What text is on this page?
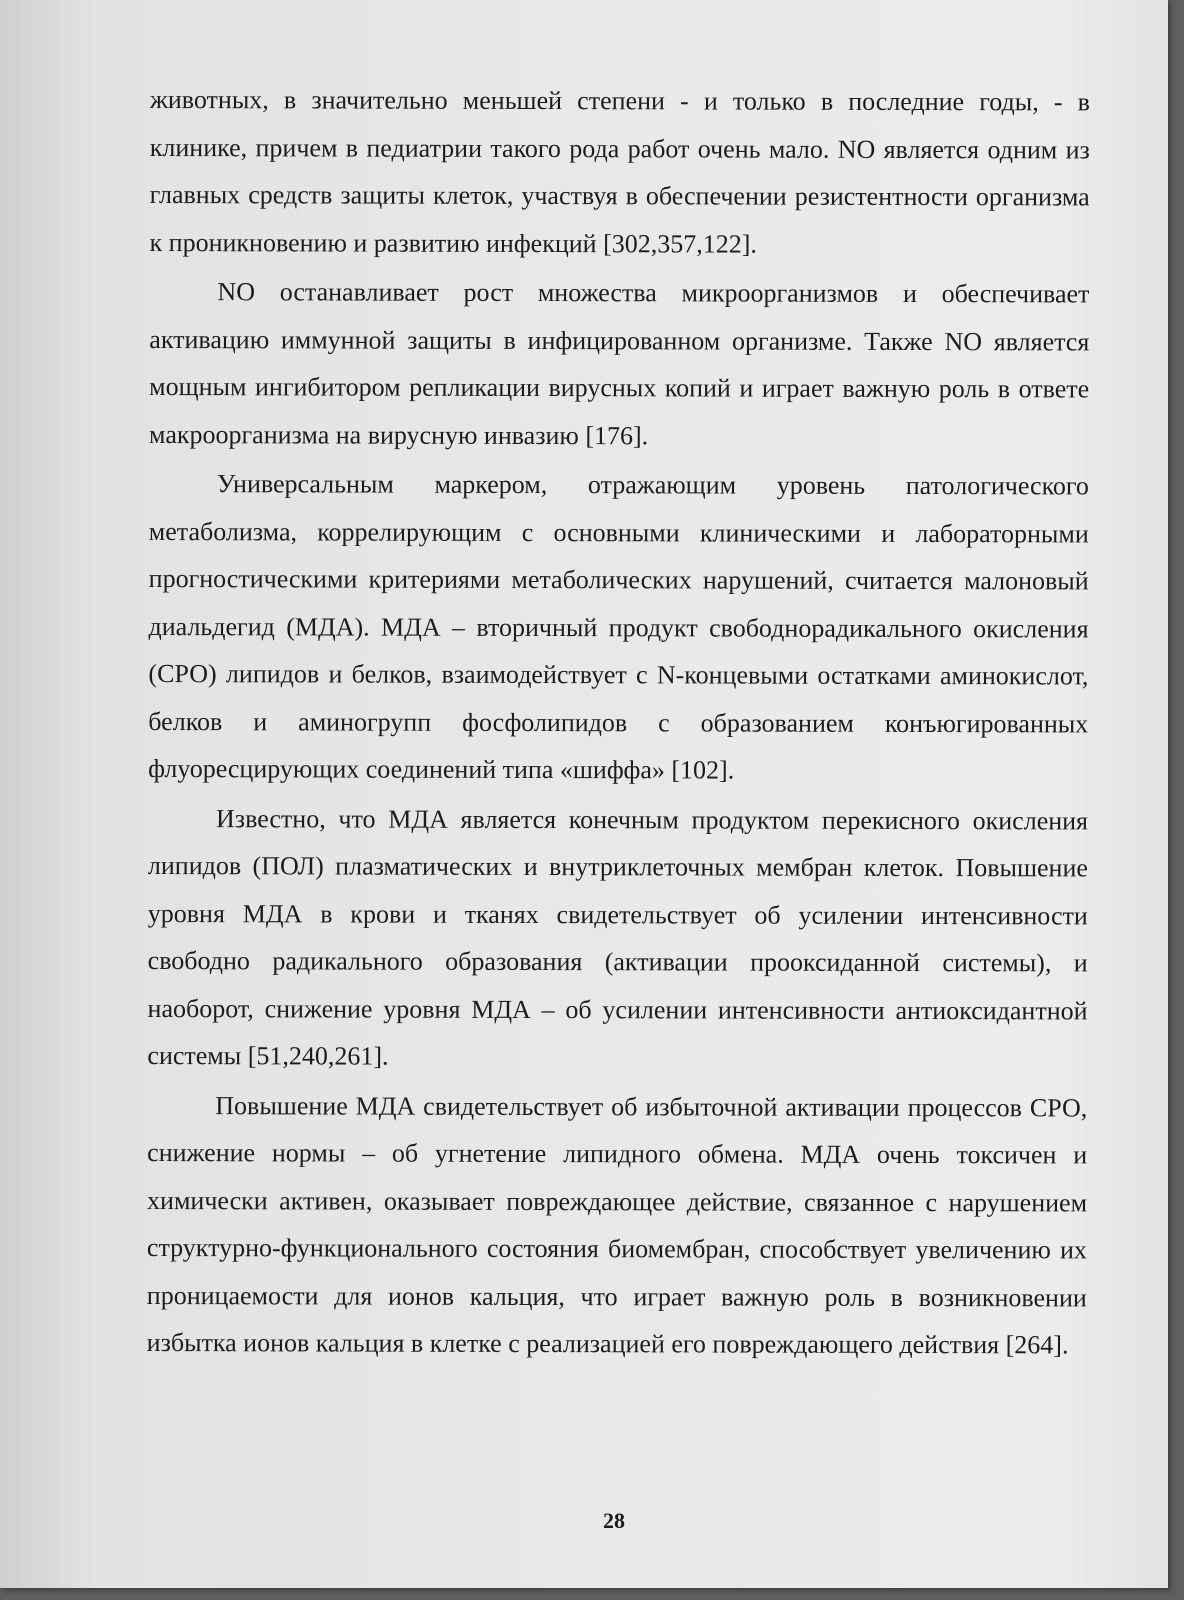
животных, в значительно меньшей степени - и только в последние годы, - в клинике, причем в педиатрии такого рода работ очень мало. NO является одним из главных средств защиты клеток, участвуя в обеспечении резистентности организма к проникновению и развитию инфекций [302,357,122].

NO останавливает рост множества микроорганизмов и обеспечивает активацию иммунной защиты в инфицированном организме. Также NO является мощным ингибитором репликации вирусных копий и играет важную роль в ответе макроорганизма на вирусную инвазию [176].

Универсальным маркером, отражающим уровень патологического метаболизма, коррелирующим с основными клиническими и лабораторными прогностическими критериями метаболических нарушений, считается малоновый диальдегид (МДА). МДА – вторичный продукт свободнорадикального окисления (СРО) липидов и белков, взаимодействует с N-концевыми остатками аминокислот, белков и аминогрупп фосфолипидов с образованием конъюгированных флуоресцирующих соединений типа «шиффа» [102].

Известно, что МДА является конечным продуктом перекисного окисления липидов (ПОЛ) плазматических и внутриклеточных мембран клеток. Повышение уровня МДА в крови и тканях свидетельствует об усилении интенсивности свободно радикального образования (активации прооксиданной системы), и наоборот, снижение уровня МДА – об усилении интенсивности антиоксидантной системы [51,240,261].

Повышение МДА свидетельствует об избыточной активации процессов СРО, снижение нормы – об угнетение липидного обмена. МДА очень токсичен и химически активен, оказывает повреждающее действие, связанное с нарушением структурно-функционального состояния биомембран, способствует увеличению их проницаемости для ионов кальция, что играет важную роль в возникновении избытка ионов кальция в клетке с реализацией его повреждающего действия [264].

28
